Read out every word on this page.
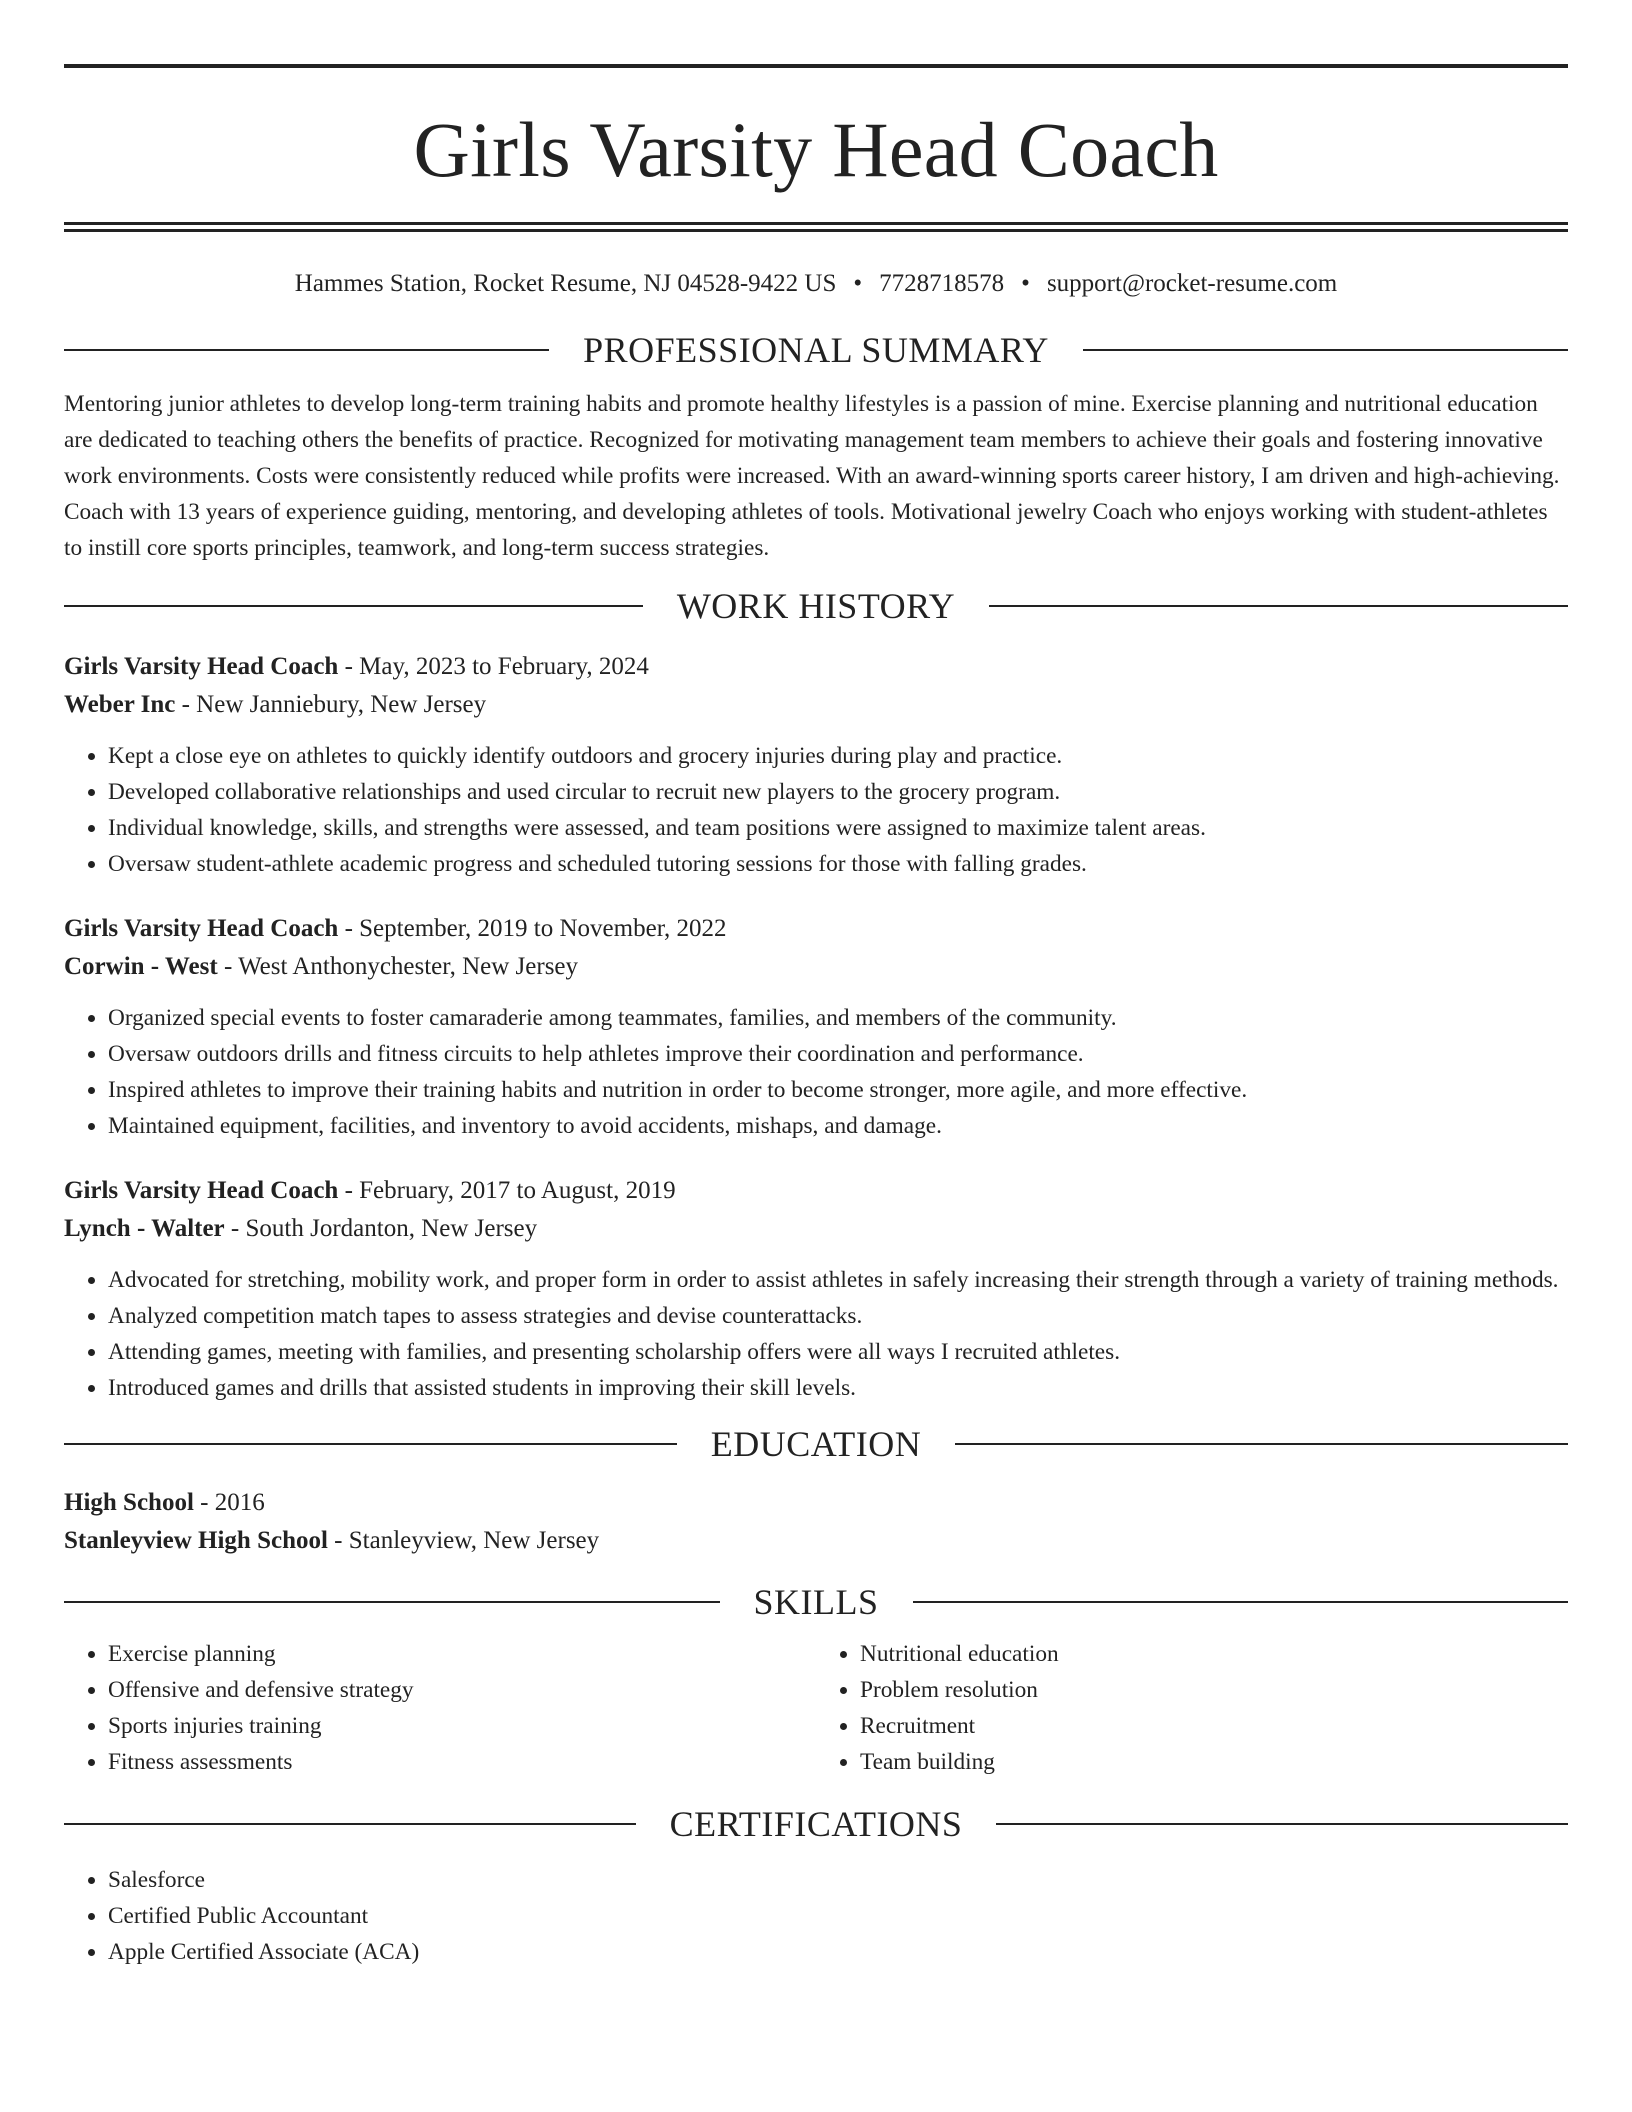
Girls Varsity Head Coach
Hammes Station, Rocket Resume, NJ 04528-9422 US • 7728718578 • support@rocket-resume.com
PROFESSIONAL SUMMARY

Mentoring junior athletes to develop long-term training habits and promote healthy lifestyles is a passion of mine. Exercise planning and nutritional education are dedicated to teaching others the benefits of practice. Recognized for motivating management team members to achieve their goals and fostering innovative work environments. Costs were consistently reduced while profits were increased. With an award-winning sports career history, I am driven and high-achieving. Coach with 13 years of experience guiding, mentoring, and developing athletes of tools. Motivational jewelry Coach who enjoys working with student-athletes to instill core sports principles, teamwork, and long-term success strategies.

WORK HISTORY
Girls Varsity Head Coach - May, 2023 to February, 2024
Weber Inc - New Janniebury, New Jersey
• Kept a close eye on athletes to quickly identify outdoors and grocery injuries during play and practice.
• Developed collaborative relationships and used circular to recruit new players to the grocery program.
• Individual knowledge, skills, and strengths were assessed, and team positions were assigned to maximize talent areas.
• Oversaw student-athlete academic progress and scheduled tutoring sessions for those with falling grades.
Girls Varsity Head Coach - September, 2019 to November, 2022
Corwin - West - West Anthonychester, New Jersey
• Organized special events to foster camaraderie among teammates, families, and members of the community.
• Oversaw outdoors drills and fitness circuits to help athletes improve their coordination and performance.
• Inspired athletes to improve their training habits and nutrition in order to become stronger, more agile, and more effective.
• Maintained equipment, facilities, and inventory to avoid accidents, mishaps, and damage.
Girls Varsity Head Coach - February, 2017 to August, 2019
Lynch - Walter - South Jordanton, New Jersey
• Advocated for stretching, mobility work, and proper form in order to assist athletes in safely increasing their strength through a variety of training methods.
• Analyzed competition match tapes to assess strategies and devise counterattacks.
• Attending games, meeting with families, and presenting scholarship offers were all ways I recruited athletes.
• Introduced games and drills that assisted students in improving their skill levels.
EDUCATION
High School - 2016
Stanleyview High School - Stanleyview, New Jersey
SKILLS
• Exercise planning
• Offensive and defensive strategy
• Sports injuries training
• Fitness assessments
• Nutritional education
• Problem resolution
• Recruitment
• Team building
CERTIFICATIONS
• Salesforce
• Certified Public Accountant
• Apple Certified Associate (ACA)
